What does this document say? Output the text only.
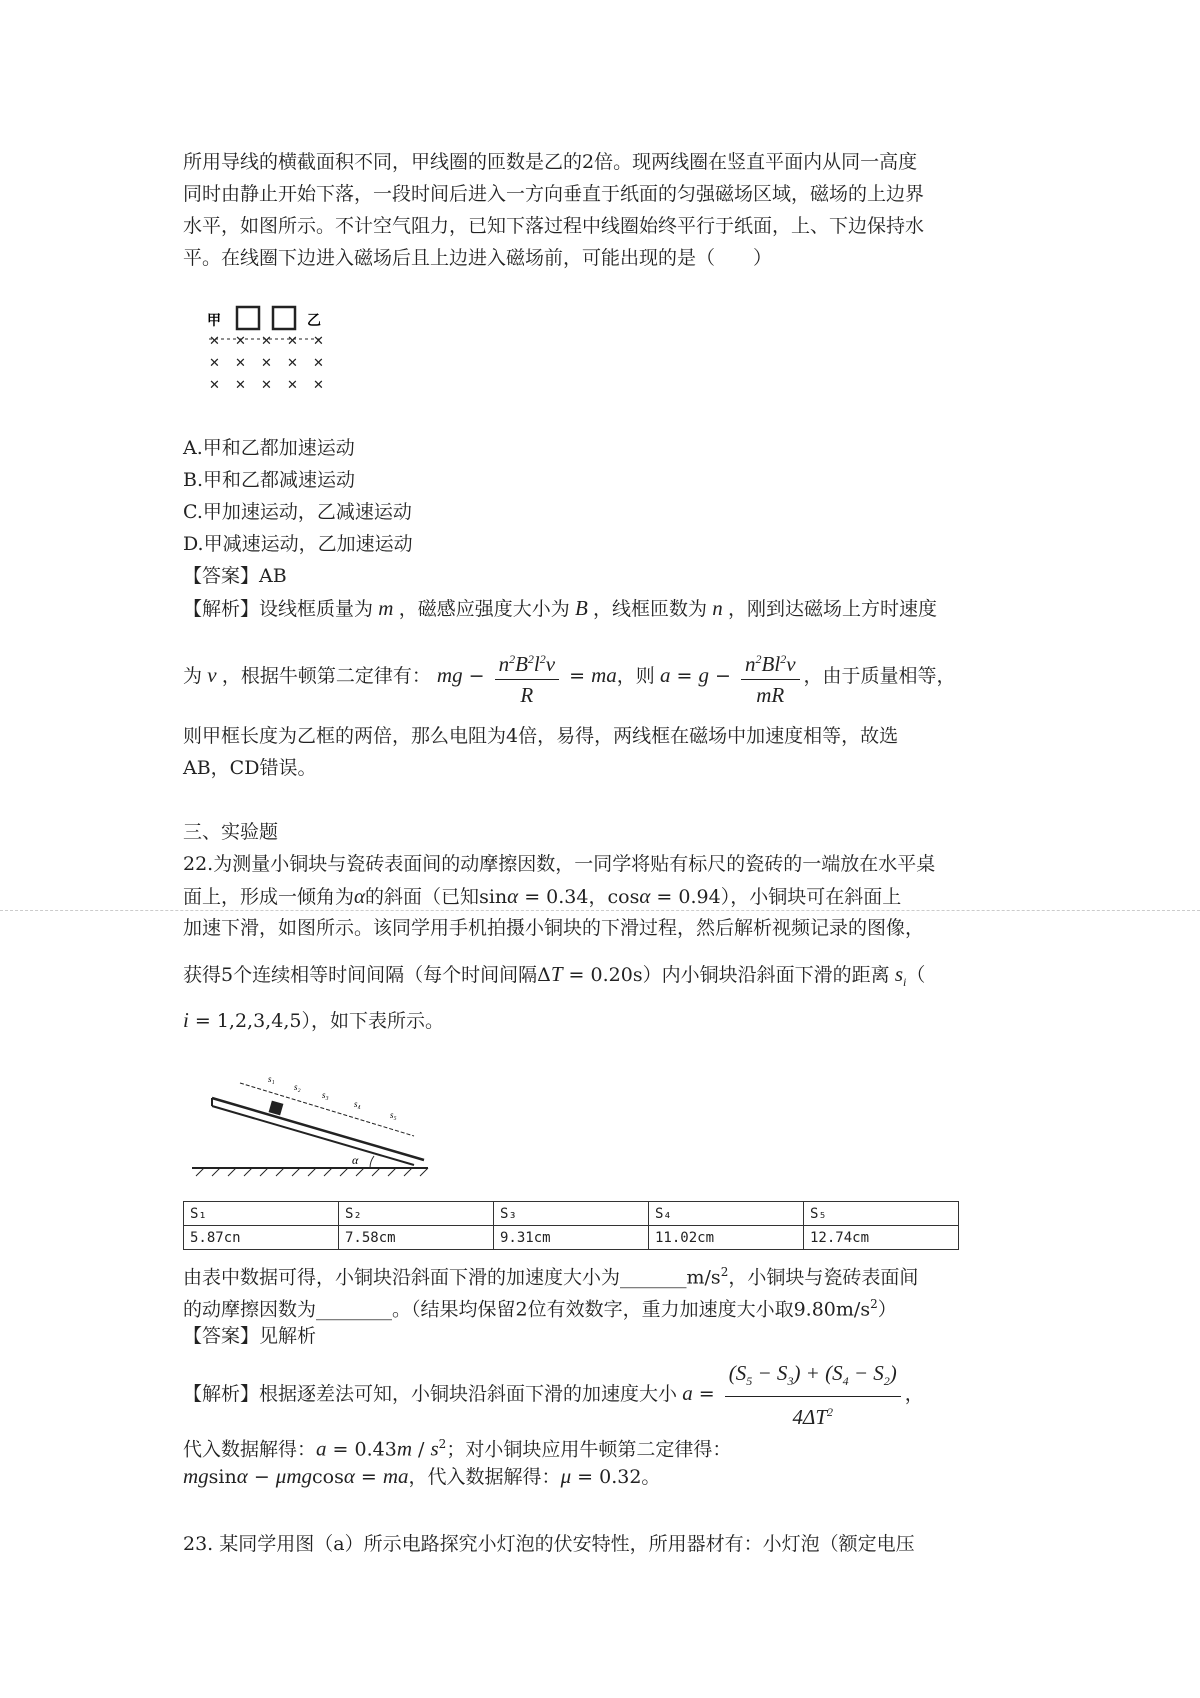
所用导线的横截面积不同，甲线圈的匝数是乙的2倍。现两线圈在竖直平面内从同一高度
同时由静止开始下落，一段时间后进入一方向垂直于纸面的匀强磁场区域，磁场的上边界
水平，如图所示。不计空气阻力，已知下落过程中线圈始终平行于纸面，上、下边保持水
平。在线圈下边进入磁场后且上边进入磁场前，可能出现的是（　　）
甲	乙
✕ ✕ ✕ ✕ ✕
✕ ✕ ✕ ✕ ✕
✕ ✕ ✕ ✕ ✕
A.甲和乙都加速运动
B.甲和乙都减速运动
C.甲加速运动，乙减速运动
D.甲减速运动，乙加速运动
【答案】AB
【解析】设线框质量为 m ，磁感应强度大小为 B ，线框匝数为 n ，刚到达磁场上方时速度
为 v ，根据牛顿第二定律有： mg − $\frac{n^2B^2l^2v}{R}$ = ma，则 $a = g - \frac{n^2Bl^2v}{mR}$ ，由于质量相等，
则甲框长度为乙框的两倍，那么电阻为4倍，易得，两线框在磁场中加速度相等，故选
AB，CD错误。
三、实验题
22.为测量小铜块与瓷砖表面间的动摩擦因数，一同学将贴有标尺的瓷砖的一端放在水平桌
面上，形成一倾角为α的斜面（已知sinα = 0.34，cosα = 0.94），小铜块可在斜面上
加速下滑，如图所示。该同学用手机拍摄小铜块的下滑过程，然后解析视频记录的图像，
获得5个连续相等时间间隔（每个时间间隔ΔT = 0.20s）内小铜块沿斜面下滑的距离 $s_i$（
i = 1,2,3,4,5），如下表所示。
s₁
s₂
s₃
s₄
s₅
α
S₁	S₂	S₃	S₄	S₅
5.87cn	7.58cm	9.31cm	11.02cm	12.74cm
由表中数据可得，小铜块沿斜面下滑的加速度大小为$\_\_\_\_\_\_\_m/s^2$，小铜块与瓷砖表面间
的动摩擦因数为________。（结果均保留2位有效数字，重力加速度大小取$9.80m/s^2$）
【答案】见解析
【解析】根据逐差法可知，小铜块沿斜面下滑的加速度大小 $a = \frac{(S_5 - S_3) + (S_4 - S_2)}{4\Delta T^2}$ ，
代入数据解得：$a = 0.43m / s^2$；对小铜块应用牛顿第二定律得：
mgsinα − μmgcosα = ma，代入数据解得：μ = 0.32。
23. 某同学用图（a）所示电路探究小灯泡的伏安特性，所用器材有：小灯泡（额定电压
